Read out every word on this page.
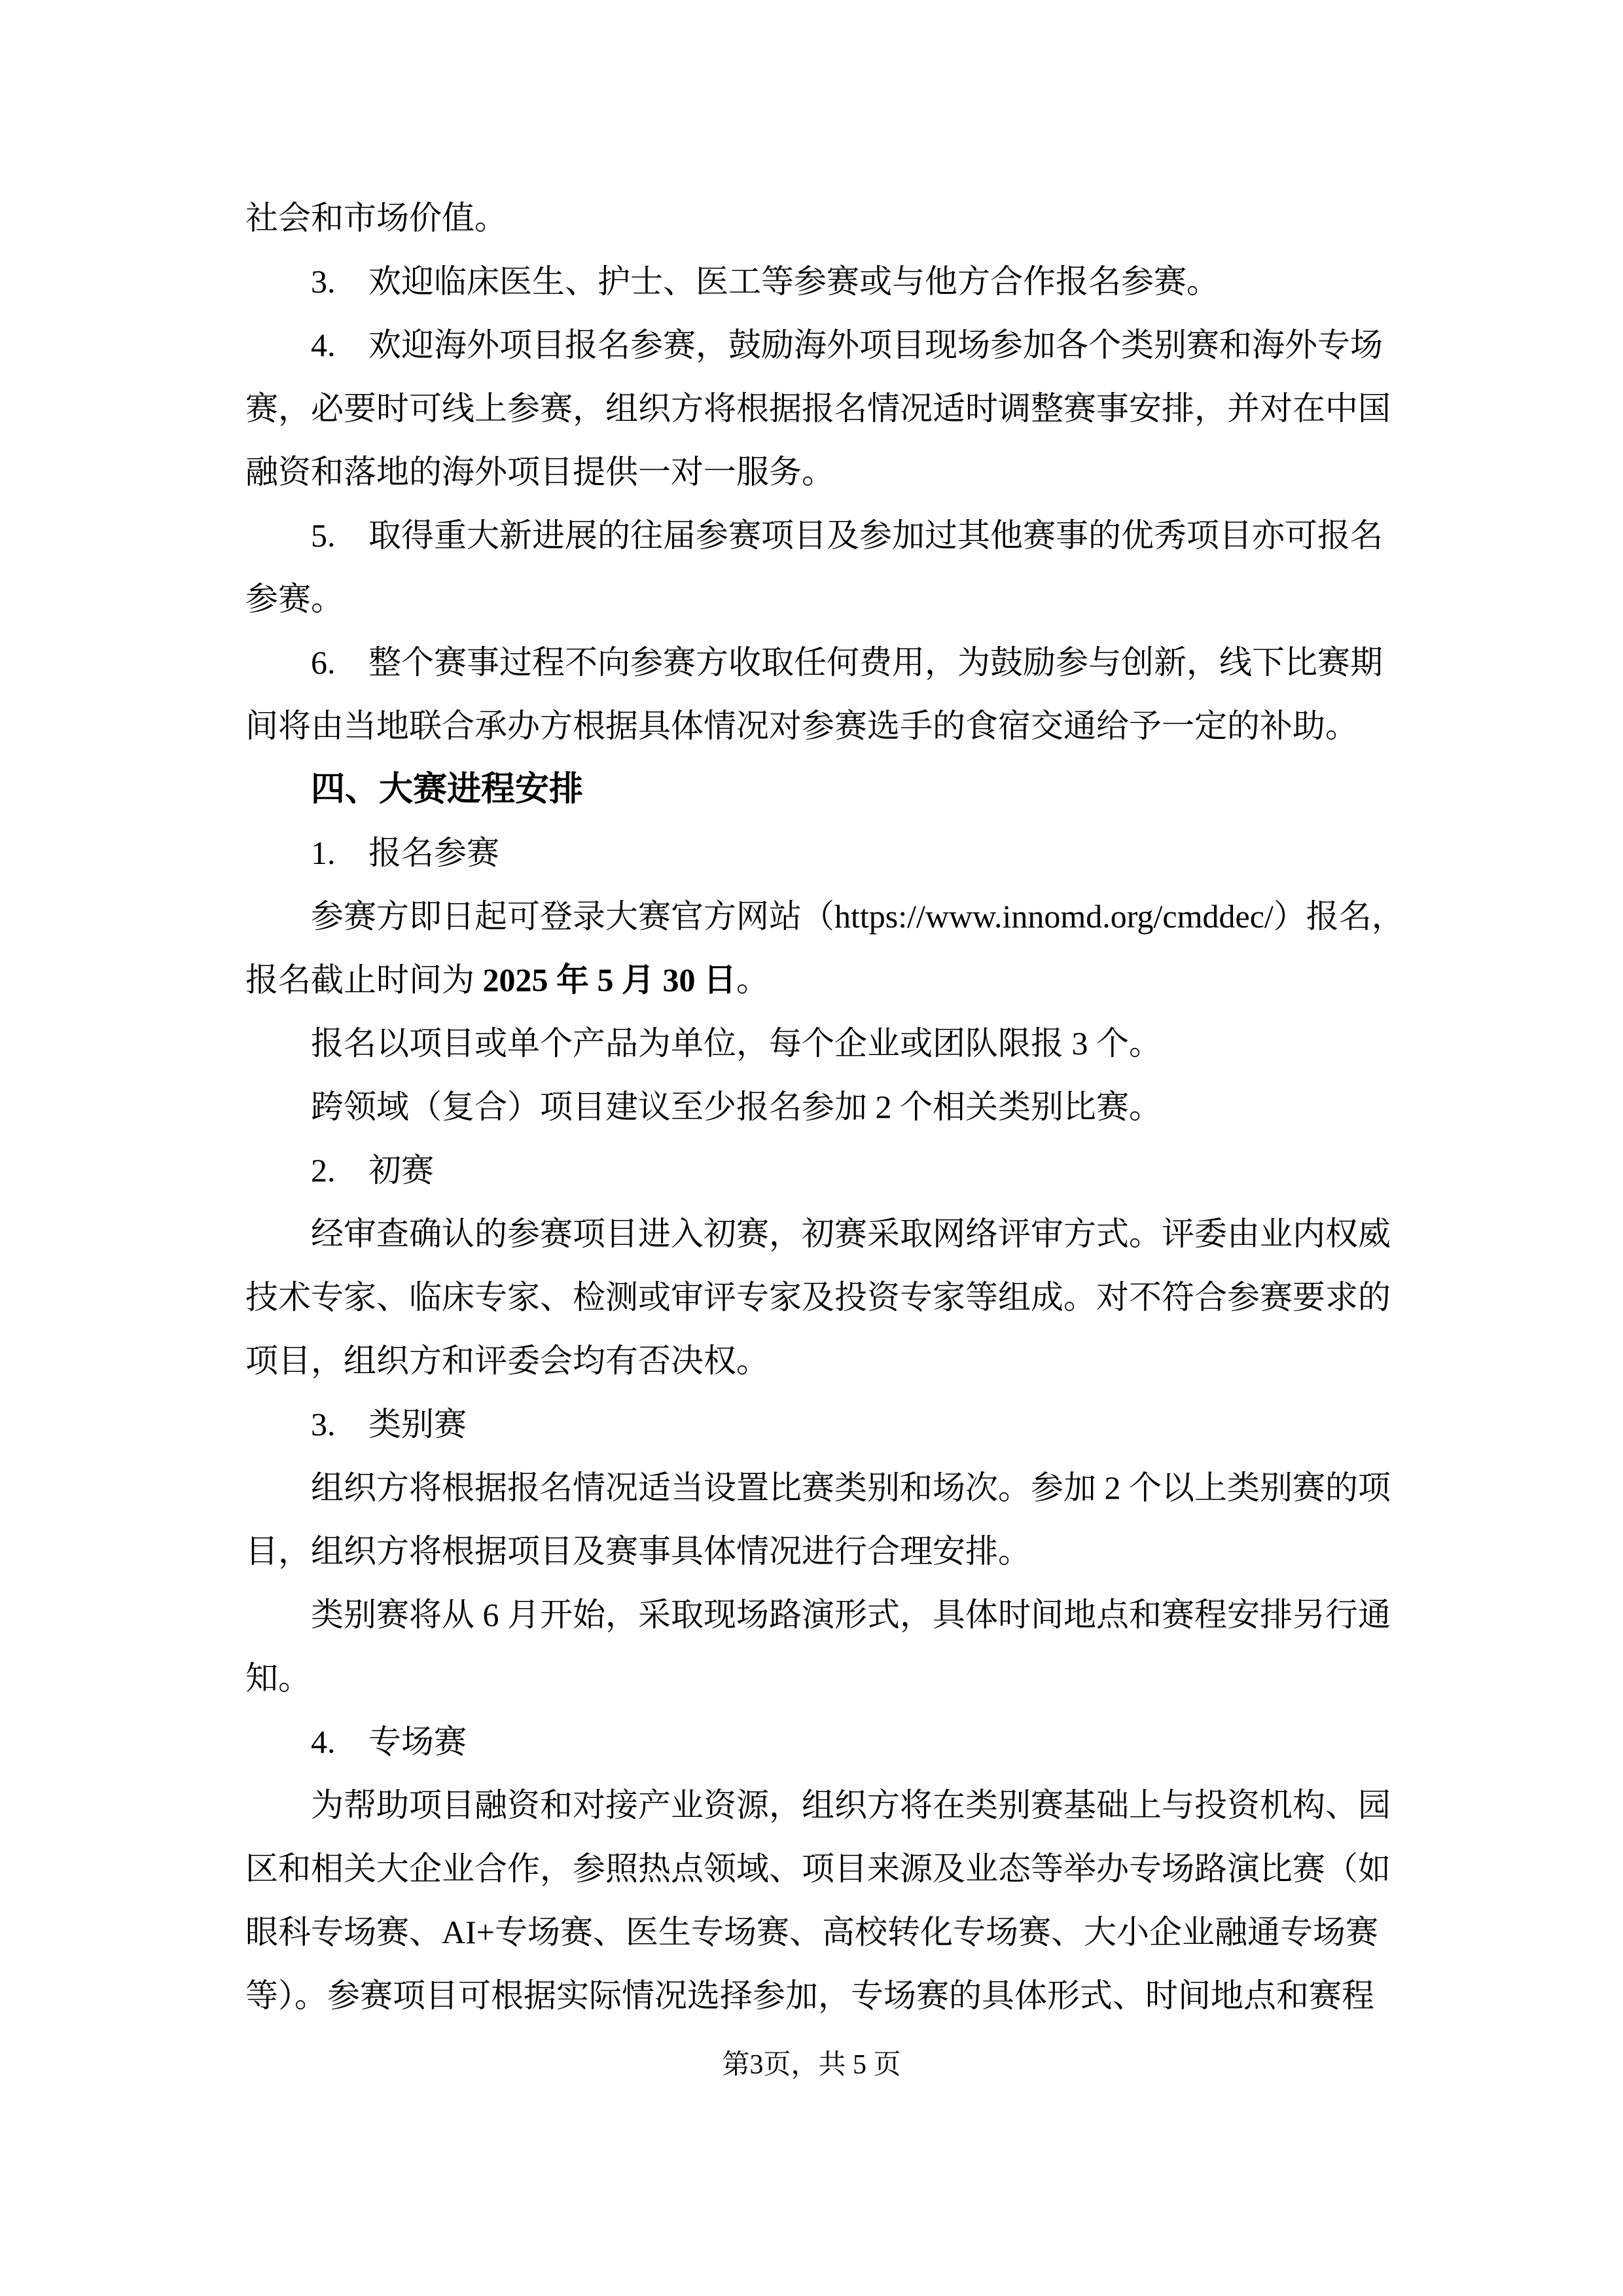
社会和市场价值。
3. 欢迎临床医生、护士、医工等参赛或与他方合作报名参赛。
4. 欢迎海外项目报名参赛，鼓励海外项目现场参加各个类别赛和海外专场
赛，必要时可线上参赛，组织方将根据报名情况适时调整赛事安排，并对在中国
融资和落地的海外项目提供一对一服务。
5. 取得重大新进展的往届参赛项目及参加过其他赛事的优秀项目亦可报名
参赛。
6. 整个赛事过程不向参赛方收取任何费用，为鼓励参与创新，线下比赛期
间将由当地联合承办方根据具体情况对参赛选手的食宿交通给予一定的补助。
四、大赛进程安排
1. 报名参赛
参赛方即日起可登录大赛官方网站（https://www.innomd.org/cmddec/）报名，
报名截止时间为 2025 年 5 月 30 日。
报名以项目或单个产品为单位，每个企业或团队限报 3 个。
跨领域（复合）项目建议至少报名参加 2 个相关类别比赛。
2. 初赛
经审查确认的参赛项目进入初赛，初赛采取网络评审方式。评委由业内权威
技术专家、临床专家、检测或审评专家及投资专家等组成。对不符合参赛要求的
项目，组织方和评委会均有否决权。
3. 类别赛
组织方将根据报名情况适当设置比赛类别和场次。参加 2 个以上类别赛的项
目，组织方将根据项目及赛事具体情况进行合理安排。
类别赛将从 6 月开始，采取现场路演形式，具体时间地点和赛程安排另行通
知。
4. 专场赛
为帮助项目融资和对接产业资源，组织方将在类别赛基础上与投资机构、园
区和相关大企业合作，参照热点领域、项目来源及业态等举办专场路演比赛（如
眼科专场赛、AI+专场赛、医生专场赛、高校转化专场赛、大小企业融通专场赛
等）。参赛项目可根据实际情况选择参加，专场赛的具体形式、时间地点和赛程
第3页，共 5 页
